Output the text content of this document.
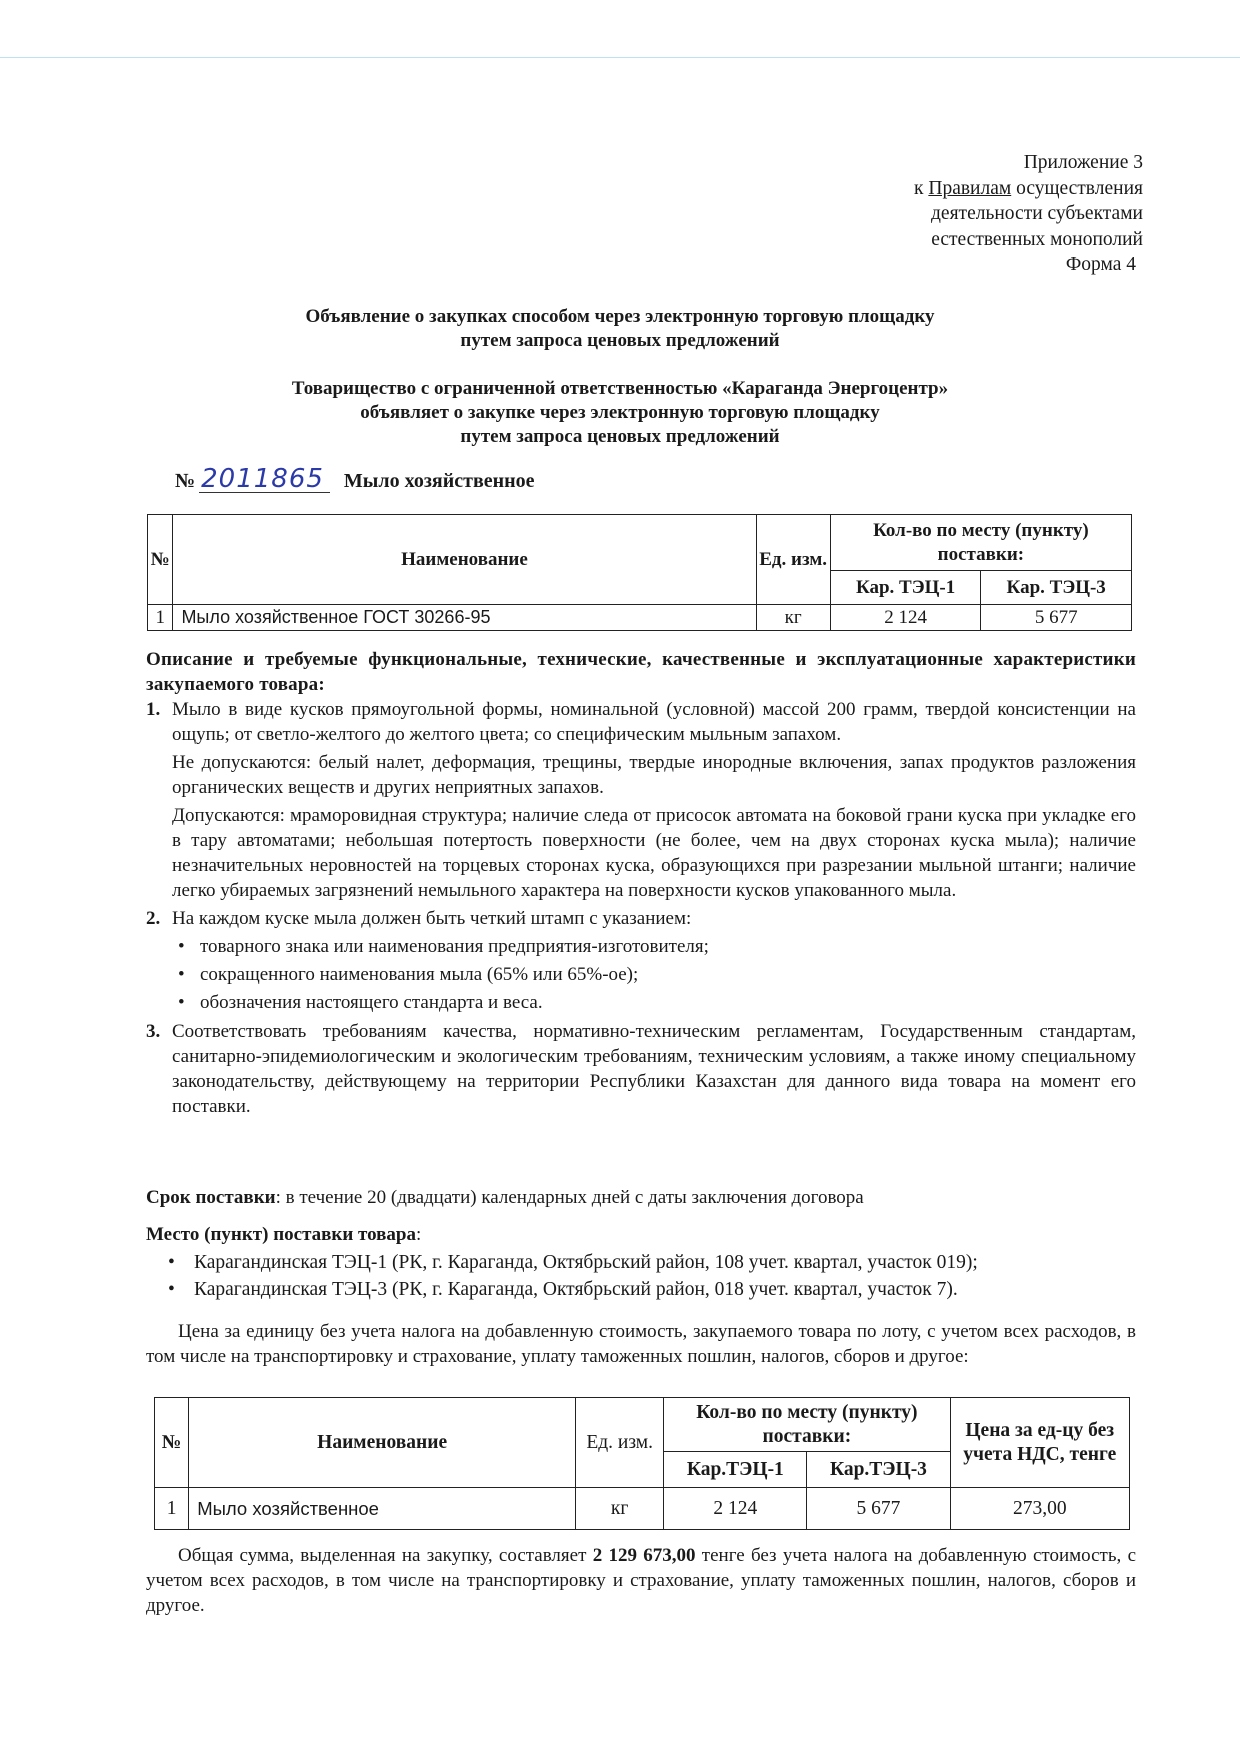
Приложение 3
к Правилам осуществления
деятельности субъектами
естественных монополий
Форма 4
Объявление о закупках способом через электронную торговую площадку
путем запроса ценовых предложений
Товарищество с ограниченной ответственностью «Караганда Энергоцентр»
объявляет о закупке через электронную торговую площадку
путем запроса ценовых предложений
№ 2011865	Мыло хозяйственное
№	Наименование	Ед. изм.	Кол-во по месту (пункту) поставки:	
			Кар. ТЭЦ-1	Кар. ТЭЦ-3
1	Мыло хозяйственное ГОСТ 30266-95	кг	2 124	5 677
Описание и требуемые функциональные, технические, качественные и эксплуатационные характеристики закупаемого товара:
1. Мыло в виде кусков прямоугольной формы, номинальной (условной) массой 200 грамм, твердой консистенции на ощупь; от светло-желтого до желтого цвета; со специфическим мыльным запахом.

Не допускаются: белый налет, деформация, трещины, твердые инородные включения, запах продуктов разложения органических веществ и других неприятных запахов.

Допускаются: мраморовидная структура; наличие следа от присосок автомата на боковой грани куска при укладке его в тару автоматами; небольшая потертость поверхности (не более, чем на двух сторонах куска мыла); наличие незначительных неровностей на торцевых сторонах куска, образующихся при разрезании мыльной штанги; наличие легко убираемых загрязнений немыльного характера на поверхности кусков упакованного мыла.

2. На каждом куске мыла должен быть четкий штамп с указанием:

• товарного знака или наименования предприятия-изготовителя;
• сокращенного наименования мыла (65% или 65%-ое);
• обозначения настоящего стандарта и веса.
3. Соответствовать требованиям качества, нормативно-техническим регламентам, Государственным стандартам, санитарно-эпидемиологическим и экологическим требованиям, техническим условиям, а также иному специальному законодательству, действующему на территории Республики Казахстан для данного вида товара на момент его поставки.

Срок поставки: в течение 20 (двадцати) календарных дней с даты заключения договора
Место (пункт) поставки товара:
• Карагандинская ТЭЦ-1 (РК, г. Караганда, Октябрьский район, 108 учет. квартал, участок 019);
• Карагандинская ТЭЦ-3 (РК, г. Караганда, Октябрьский район, 018 учет. квартал, участок 7).
Цена за единицу без учета налога на добавленную стоимость, закупаемого товара по лоту, с учетом всех расходов, в том числе на транспортировку и страхование, уплату таможенных пошлин, налогов, сборов и другое:
№	Наименование	Ед. изм.	Кол-во по месту (пункту) поставки:		Цена за ед-цу без учета НДС, тенге
			Кар.ТЭЦ-1	Кар.ТЭЦ-3	
1	Мыло хозяйственное	кг	2 124	5 677	273,00
Общая сумма, выделенная на закупку, составляет 2 129 673,00 тенге без учета налога на добавленную стоимость, с учетом всех расходов, в том числе на транспортировку и страхование, уплату таможенных пошлин, налогов, сборов и другое.
